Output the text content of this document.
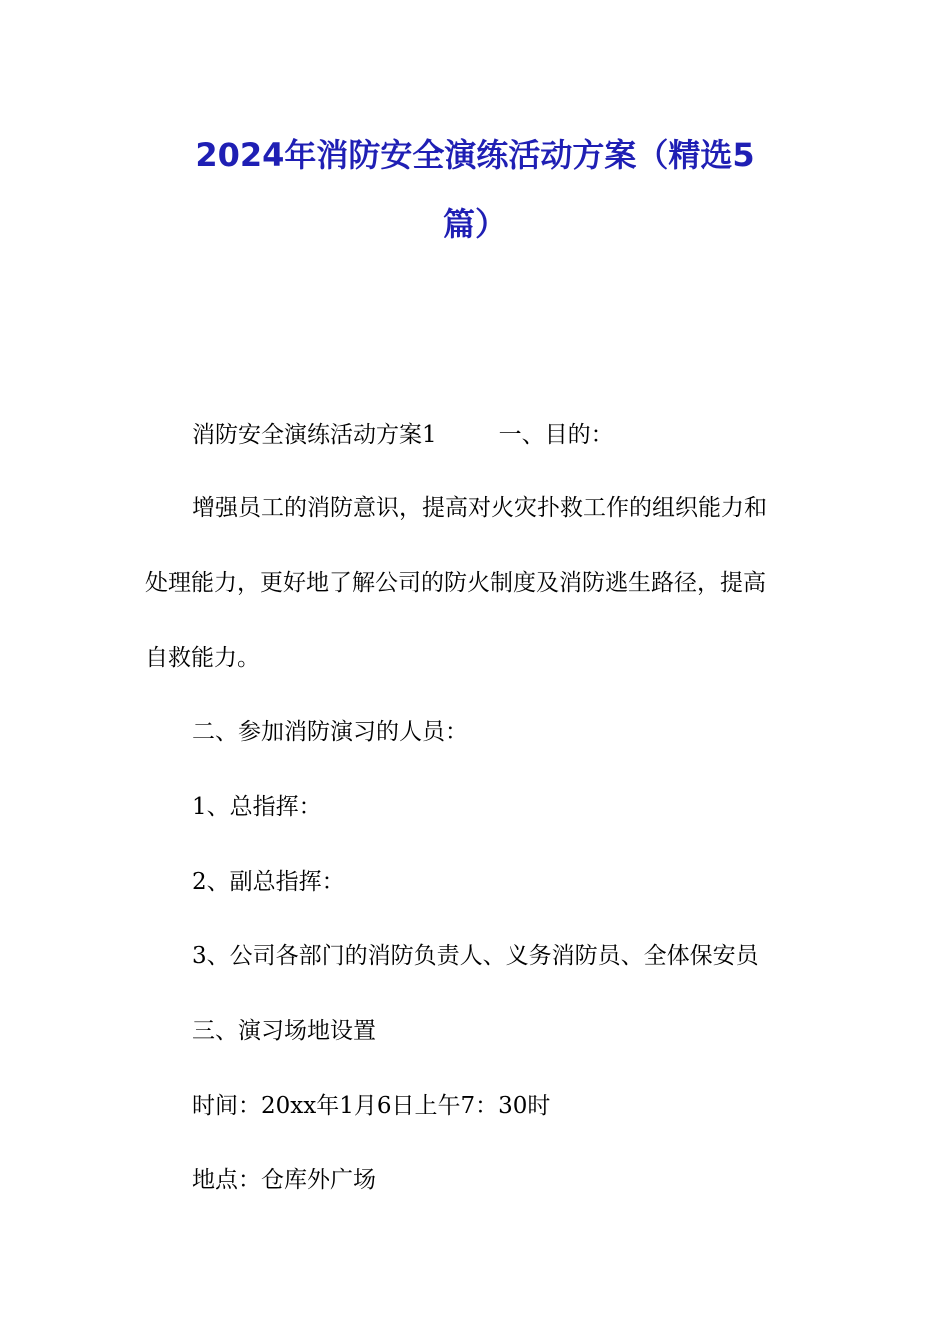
2024年消防安全演练活动方案（精选5
篇）
消防安全演练活动方案1	一、目的：
增强员工的消防意识，提高对火灾扑救工作的组织能力和
处理能力，更好地了解公司的防火制度及消防逃生路径，提高
自救能力。
二、参加消防演习的人员：
1、总指挥：
2、副总指挥：
3、公司各部门的消防负责人、义务消防员、全体保安员
三、演习场地设置
时间：20xx年1月6日上午7：30时
地点：仓库外广场
